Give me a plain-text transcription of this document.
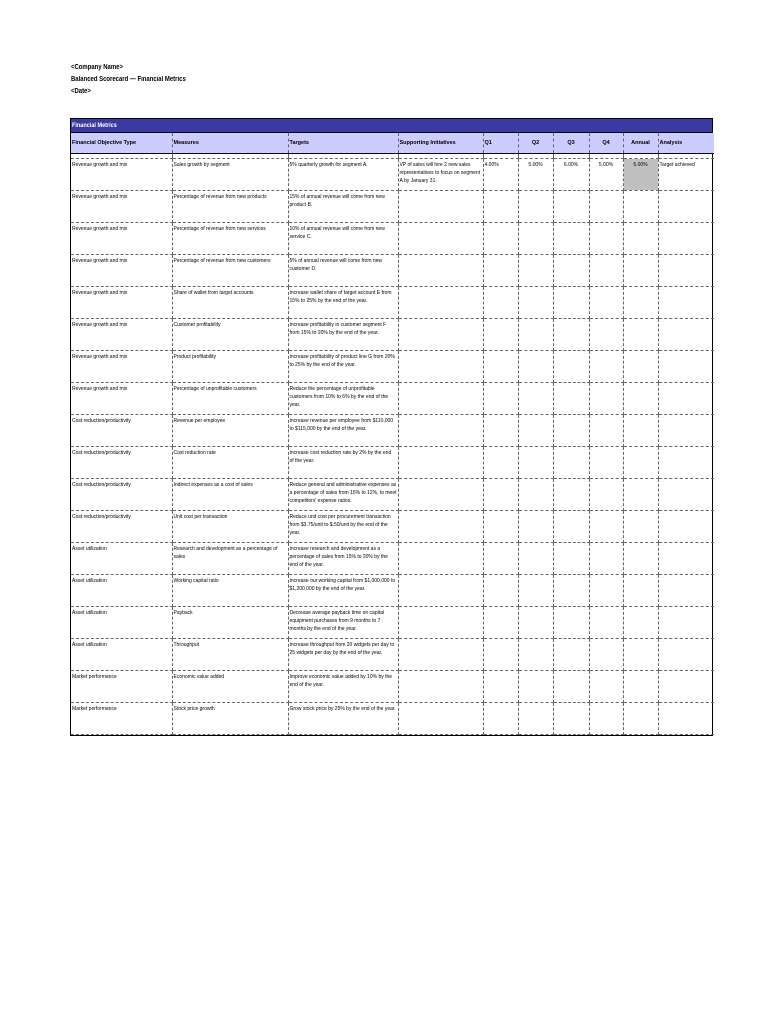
<Company Name>
Balanced Scorecard — Financial Metrics
<Date>
Financial Metrics
Financial Objective Type	Measures	Targets	Supporting Initiatives	Q1	Q2	Q3	Q4	Annual	Analysis

Revenue growth and mix	Sales growth by segment	5% quarterly growth for segment A.	VP of sales will hire 2 new sales representatives to focus on segment A by January 31.	4.00%	5.00%	6.00%	5.00%	5.00%	Target achieved
Revenue growth and mix	Percentage of revenue from new products	15% of annual revenue will come from new product B.							
Revenue growth and mix	Percentage of revenue from new services	10% of annual revenue will come from new service C.							
Revenue growth and mix	Percentage of revenue from new customers	5% of annual revenue will come from new customer D.							
Revenue growth and mix	Share of wallet from target accounts	Increase wallet share of target account E from 15% to 25% by the end of the year.							
Revenue growth and mix	Customer profitability	Increase profitability in customer segment F from 15% to 20% by the end of the year.							
Revenue growth and mix	Product profitability	Increase profitability of product line G from 20% to 25% by the end of the year.							
Revenue growth and mix	Percentage of unprofitable customers	Reduce the percentage of unprofitable customers from 10% to 6% by the end of the year.							
Cost reduction/productivity	Revenue per employee	Increase revenue per employee from $110,000 to $115,000 by the end of the year.							
Cost reduction/productivity	Cost reduction rate	Increase cost reduction rate by 2% by the end of the year.							
Cost reduction/productivity	Indirect expenses as a cost of sales	Reduce general and administrative expenses as a percentage of sales from 15% to 12%, to meet competitors' expense ratios.							
Cost reduction/productivity	Unit cost per transaction	Reduce unit cost per procurement transaction from $3.75/unit to $.50/unit by the end of the year.							
Asset utilization	Research and development as a percentage of sales	Increase research and development as a percentage of sales from 15% to 20% by the end of the year.							
Asset utilization	Working capital ratio	Increase our working capital from $1,000,000 to $1,200,000 by the end of the year.							
Asset utilization	Payback	Decrease average payback time on capital equipment purchases from 9 months to 7 months by the end of the year.							
Asset utilization	Throughput	Increase throughput from 20 widgets per day to 25 widgets per day by the end of the year.							
Market performance	Economic value added	Improve economic value added by 10% by the end of the year.							
Market performance	Stock price growth	Grow stock price by 25% by the end of the year.							
